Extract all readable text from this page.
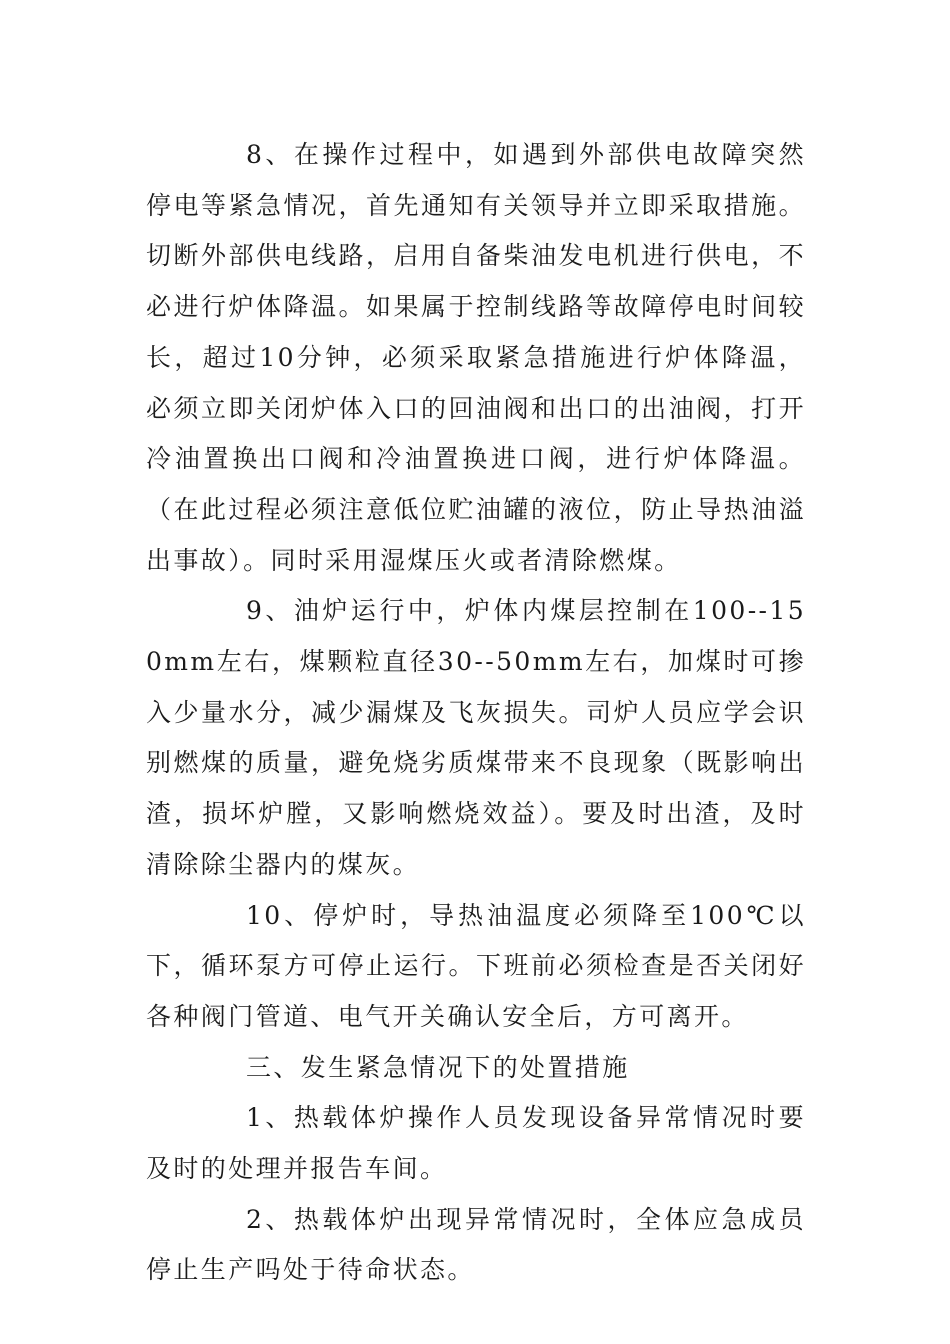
8、在操作过程中，如遇到外部供电故障突然停电等紧急情况，首先通知有关领导并立即采取措施。切断外部供电线路，启用自备柴油发电机进行供电，不必进行炉体降温。如果属于控制线路等故障停电时间较长，超过10分钟，必须采取紧急措施进行炉体降温，必须立即关闭炉体入口的回油阀和出口的出油阀，打开冷油置换出口阀和冷油置换进口阀，进行炉体降温。（在此过程必须注意低位贮油罐的液位，防止导热油溢出事故）。同时采用湿煤压火或者清除燃煤。

9、油炉运行中，炉体内煤层控制在100--150mm左右，煤颗粒直径30--50mm左右，加煤时可掺入少量水分，减少漏煤及飞灰损失。司炉人员应学会识别燃煤的质量，避免烧劣质煤带来不良现象（既影响出渣，损坏炉膛，又影响燃烧效益）。要及时出渣，及时清除除尘器内的煤灰。

10、停炉时，导热油温度必须降至100℃以下，循环泵方可停止运行。下班前必须检查是否关闭好各种阀门管道、电气开关确认安全后，方可离开。

三、发生紧急情况下的处置措施

1、热载体炉操作人员发现设备异常情况时要及时的处理并报告车间。

2、热载体炉出现异常情况时，全体应急成员停止生产吗处于待命状态。
